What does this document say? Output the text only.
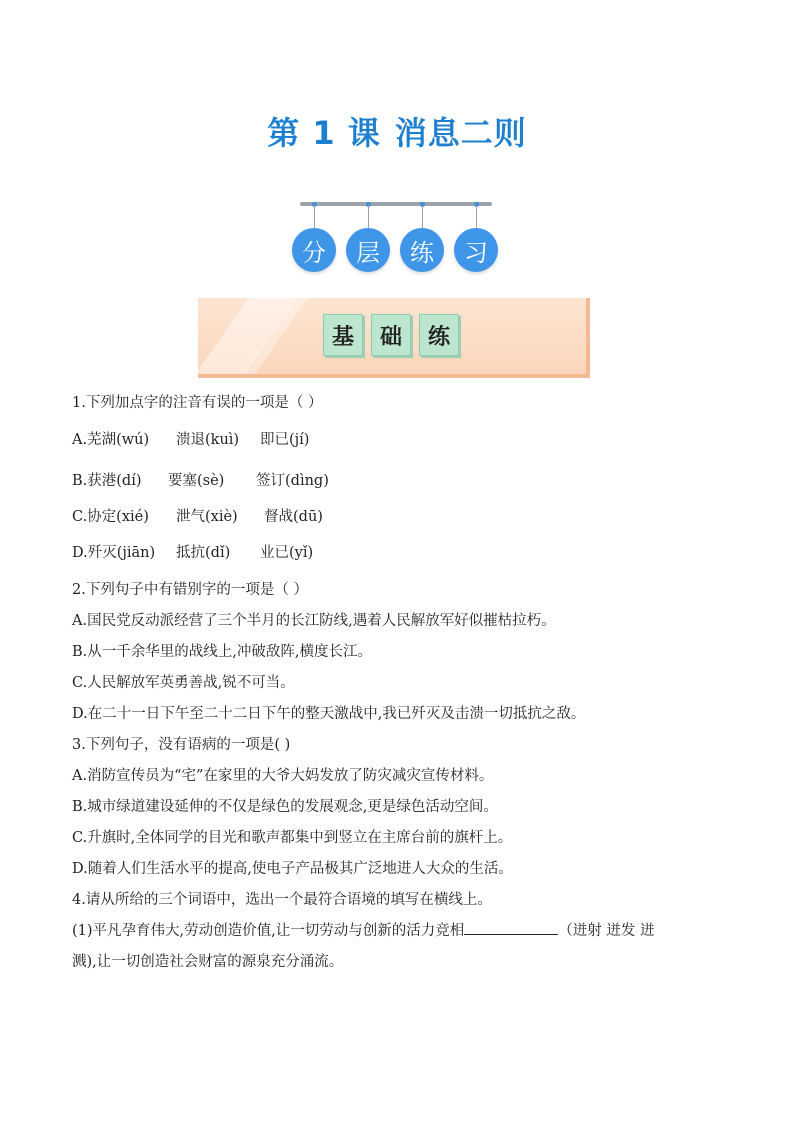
第 1 课 消息二则
分	层	练	习
基	础	练
1.下列加点字的注音有误的一项是（ ）
A.芜湖(wú) 溃退(kuì) 即已(jí)
B.获港(dí) 要塞(sè) 签订(dìng)
C.协定(xié) 泄气(xiè) 督战(dū)
D.歼灭(jiān) 抵抗(dǐ) 业已(yǐ)
2.下列句子中有错别字的一项是（ ）
A.国民党反动派经营了三个半月的长江防线,遇着人民解放军好似摧枯拉朽。
B.从一千余华里的战线上,冲破敌阵,横度长江。
C.人民解放军英勇善战,锐不可当。
D.在二十一日下午至二十二日下午的整天激战中,我已歼灭及击溃一切抵抗之敌。
3.下列句子，没有语病的一项是( )
A.消防宣传员为“宅”在家里的大爷大妈发放了防灾减灾宣传材料。
B.城市绿道建设延伸的不仅是绿色的发展观念,更是绿色活动空间。
C.升旗时,全体同学的目光和歌声都集中到竖立在主席台前的旗杆上。
D.随着人们生活水平的提高,使电子产品极其广泛地进人大众的生活。
4.请从所给的三个词语中，选出一个最符合语境的填写在横线上。
(1)平凡孕育伟大,劳动创造价值,让一切劳动与创新的活力竞相	（迸射 迸发 迸
溅),让一切创造社会财富的源泉充分涌流。
